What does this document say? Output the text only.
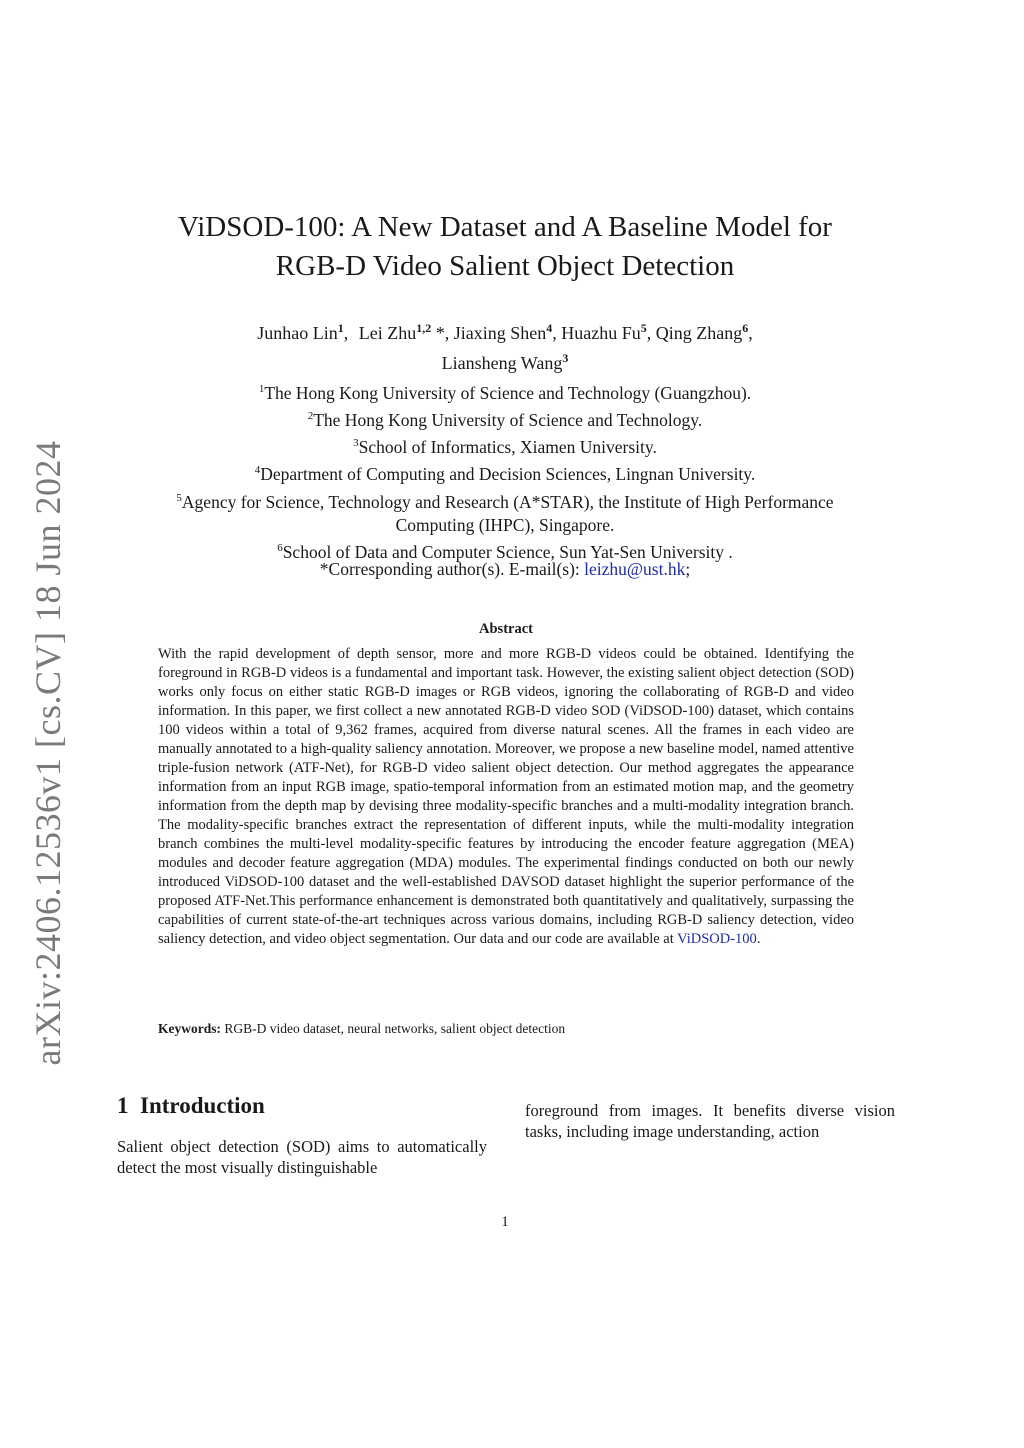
arXiv:2406.12536v1 [cs.CV] 18 Jun 2024
ViDSOD-100: A New Dataset and A Baseline Model for
RGB-D Video Salient Object Detection
Junhao Lin$^1$, Lei Zhu$^{1,2}$ *, Jiaxing Shen$^4$, Huazhu Fu$^5$, Qing Zhang$^6$,
Liansheng Wang$^3$
$^1$The Hong Kong University of Science and Technology (Guangzhou).
$^2$The Hong Kong University of Science and Technology.
$^3$School of Informatics, Xiamen University.
$^4$Department of Computing and Decision Sciences, Lingnan University.
$^5$Agency for Science, Technology and Research (A*STAR), the Institute of High Performance Computing (IHPC), Singapore.
$^6$School of Data and Computer Science, Sun Yat-Sen University .
*Corresponding author(s). E-mail(s): leizhu@ust.hk;
Abstract
With the rapid development of depth sensor, more and more RGB-D videos could be obtained. Identifying the foreground in RGB-D videos is a fundamental and important task. However, the existing salient object detection (SOD) works only focus on either static RGB-D images or RGB videos, ignoring the collaborating of RGB-D and video information. In this paper, we first collect a new annotated RGB-D video SOD (ViDSOD-100) dataset, which contains 100 videos within a total of 9,362 frames, acquired from diverse natural scenes. All the frames in each video are manually annotated to a high-quality saliency annotation. Moreover, we propose a new baseline model, named attentive triple-fusion network (ATF-Net), for RGB-D video salient object detection. Our method aggregates the appearance information from an input RGB image, spatio-temporal information from an estimated motion map, and the geometry information from the depth map by devising three modality-specific branches and a multi-modality integration branch. The modality-specific branches extract the representation of different inputs, while the multi-modality integration branch combines the multi-level modality-specific features by introducing the encoder feature aggregation (MEA) modules and decoder feature aggregation (MDA) modules. The experimental findings conducted on both our newly introduced ViDSOD-100 dataset and the well-established DAVSOD dataset highlight the superior performance of the proposed ATF-Net.This performance enhancement is demonstrated both quantitatively and qualitatively, surpassing the capabilities of current state-of-the-art techniques across various domains, including RGB-D saliency detection, video saliency detection, and video object segmentation. Our data and our code are available at ViDSOD-100.
Keywords: RGB-D video dataset, neural networks, salient object detection
1 Introduction
Salient object detection (SOD) aims to automatically detect the most visually distinguishable
foreground from images. It benefits diverse vision tasks, including image understanding, action
1
